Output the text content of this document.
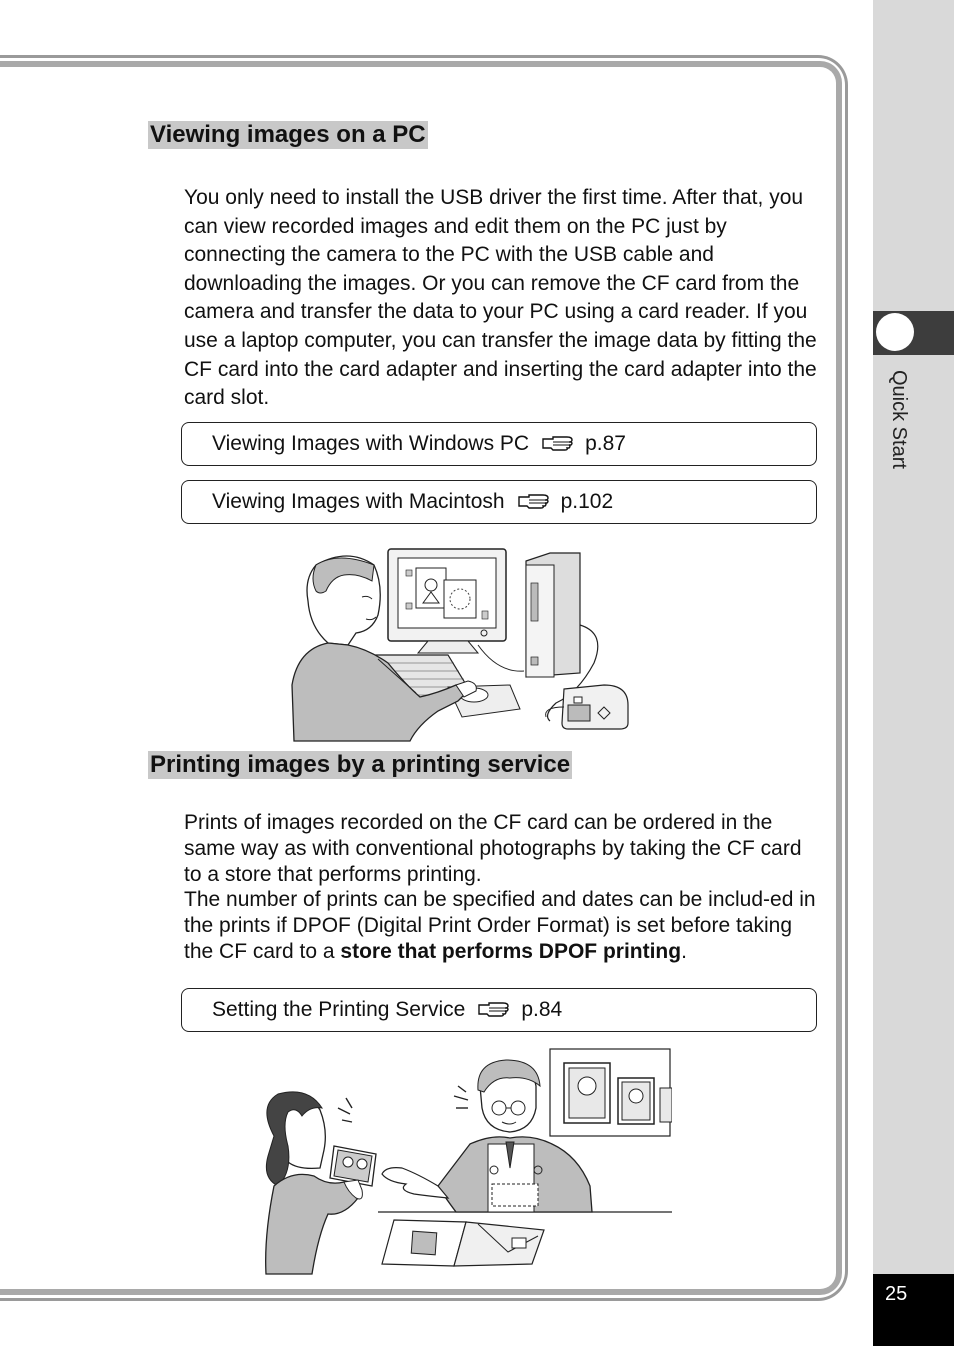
Quick Start
25
Viewing images on a PC

You only need to install the USB driver the first time. After that, you can view recorded images and edit them on the PC just by connecting the camera to the PC with the USB cable and downloading the images. Or you can remove the CF card from the camera and transfer the data to your PC using a card reader. If you use a laptop computer, you can transfer the image data by fitting the CF card into the card adapter and inserting the card adapter into the card slot.

Viewing Images with Windows PC	p.87
Viewing Images with Macintosh	p.102
Printing images by a printing service

Prints of images recorded on the CF card can be ordered in the same way as with conventional photographs by taking the CF card to a store that performs printing.

The number of prints can be specified and dates can be includ-ed in the prints if DPOF (Digital Print Order Format) is set before taking the CF card to a store that performs DPOF printing.

Setting the Printing Service	p.84
